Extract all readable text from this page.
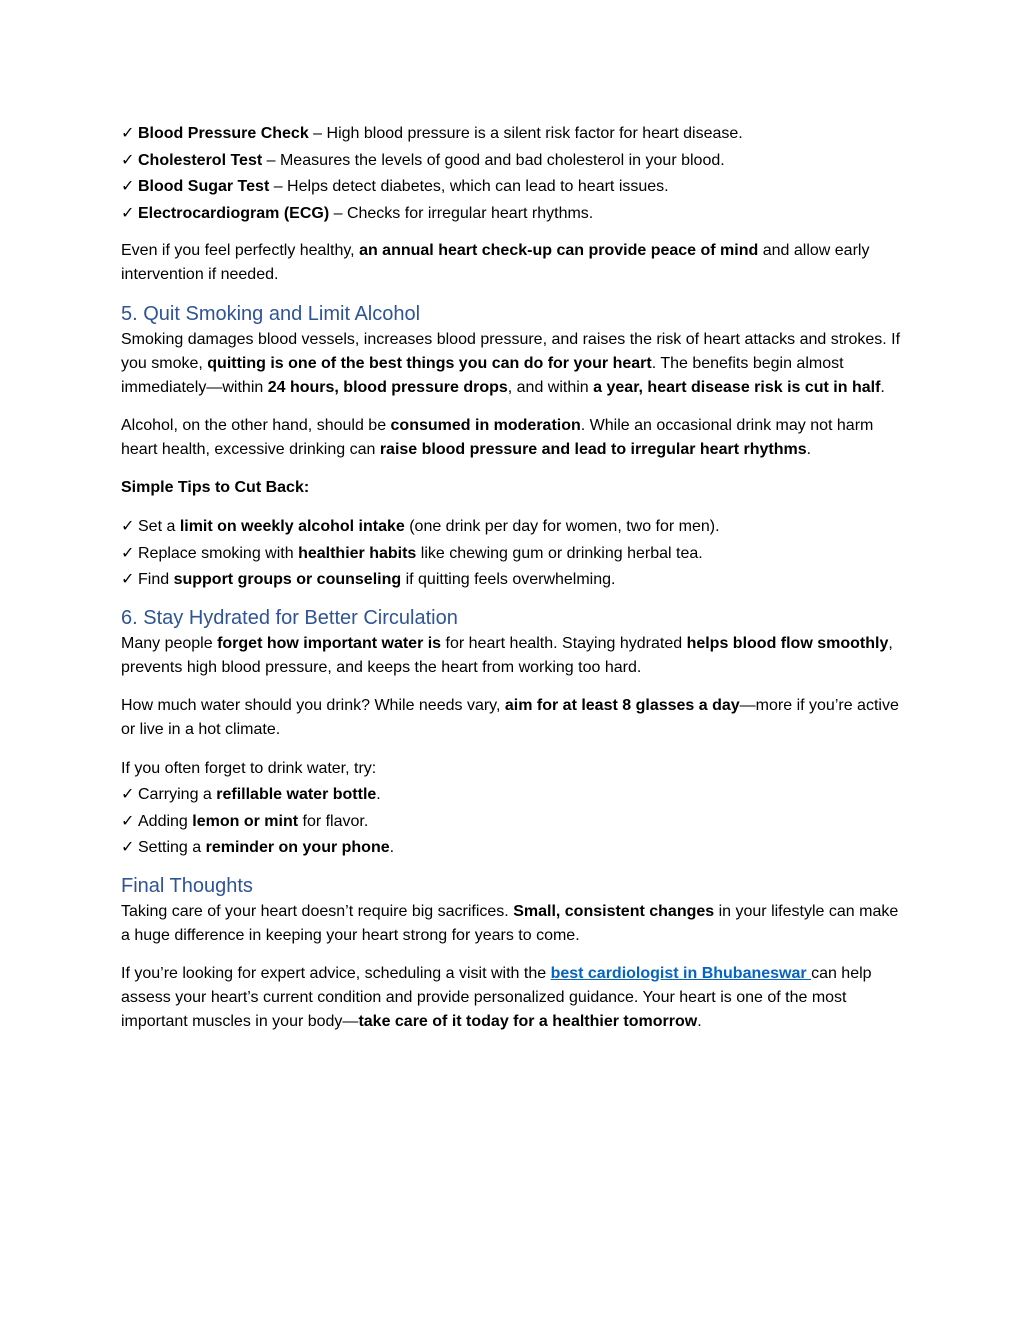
✓ Blood Pressure Check – High blood pressure is a silent risk factor for heart disease.
✓ Cholesterol Test – Measures the levels of good and bad cholesterol in your blood.
✓ Blood Sugar Test – Helps detect diabetes, which can lead to heart issues.
✓ Electrocardiogram (ECG) – Checks for irregular heart rhythms.

Even if you feel perfectly healthy, an annual heart check-up can provide peace of mind and allow early intervention if needed.

5. Quit Smoking and Limit Alcohol

Smoking damages blood vessels, increases blood pressure, and raises the risk of heart attacks and strokes. If you smoke, quitting is one of the best things you can do for your heart. The benefits begin almost immediately—within 24 hours, blood pressure drops, and within a year, heart disease risk is cut in half.

Alcohol, on the other hand, should be consumed in moderation. While an occasional drink may not harm heart health, excessive drinking can raise blood pressure and lead to irregular heart rhythms.

Simple Tips to Cut Back:

✓ Set a limit on weekly alcohol intake (one drink per day for women, two for men).
✓ Replace smoking with healthier habits like chewing gum or drinking herbal tea.
✓ Find support groups or counseling if quitting feels overwhelming.
6. Stay Hydrated for Better Circulation

Many people forget how important water is for heart health. Staying hydrated helps blood flow smoothly, prevents high blood pressure, and keeps the heart from working too hard.

How much water should you drink? While needs vary, aim for at least 8 glasses a day—more if you’re active or live in a hot climate.

If you often forget to drink water, try:
✓ Carrying a refillable water bottle.
✓ Adding lemon or mint for flavor.
✓ Setting a reminder on your phone.
Final Thoughts

Taking care of your heart doesn’t require big sacrifices. Small, consistent changes in your lifestyle can make a huge difference in keeping your heart strong for years to come.

If you’re looking for expert advice, scheduling a visit with the best cardiologist in Bhubaneswar can help assess your heart’s current condition and provide personalized guidance. Your heart is one of the most important muscles in your body—take care of it today for a healthier tomorrow.
